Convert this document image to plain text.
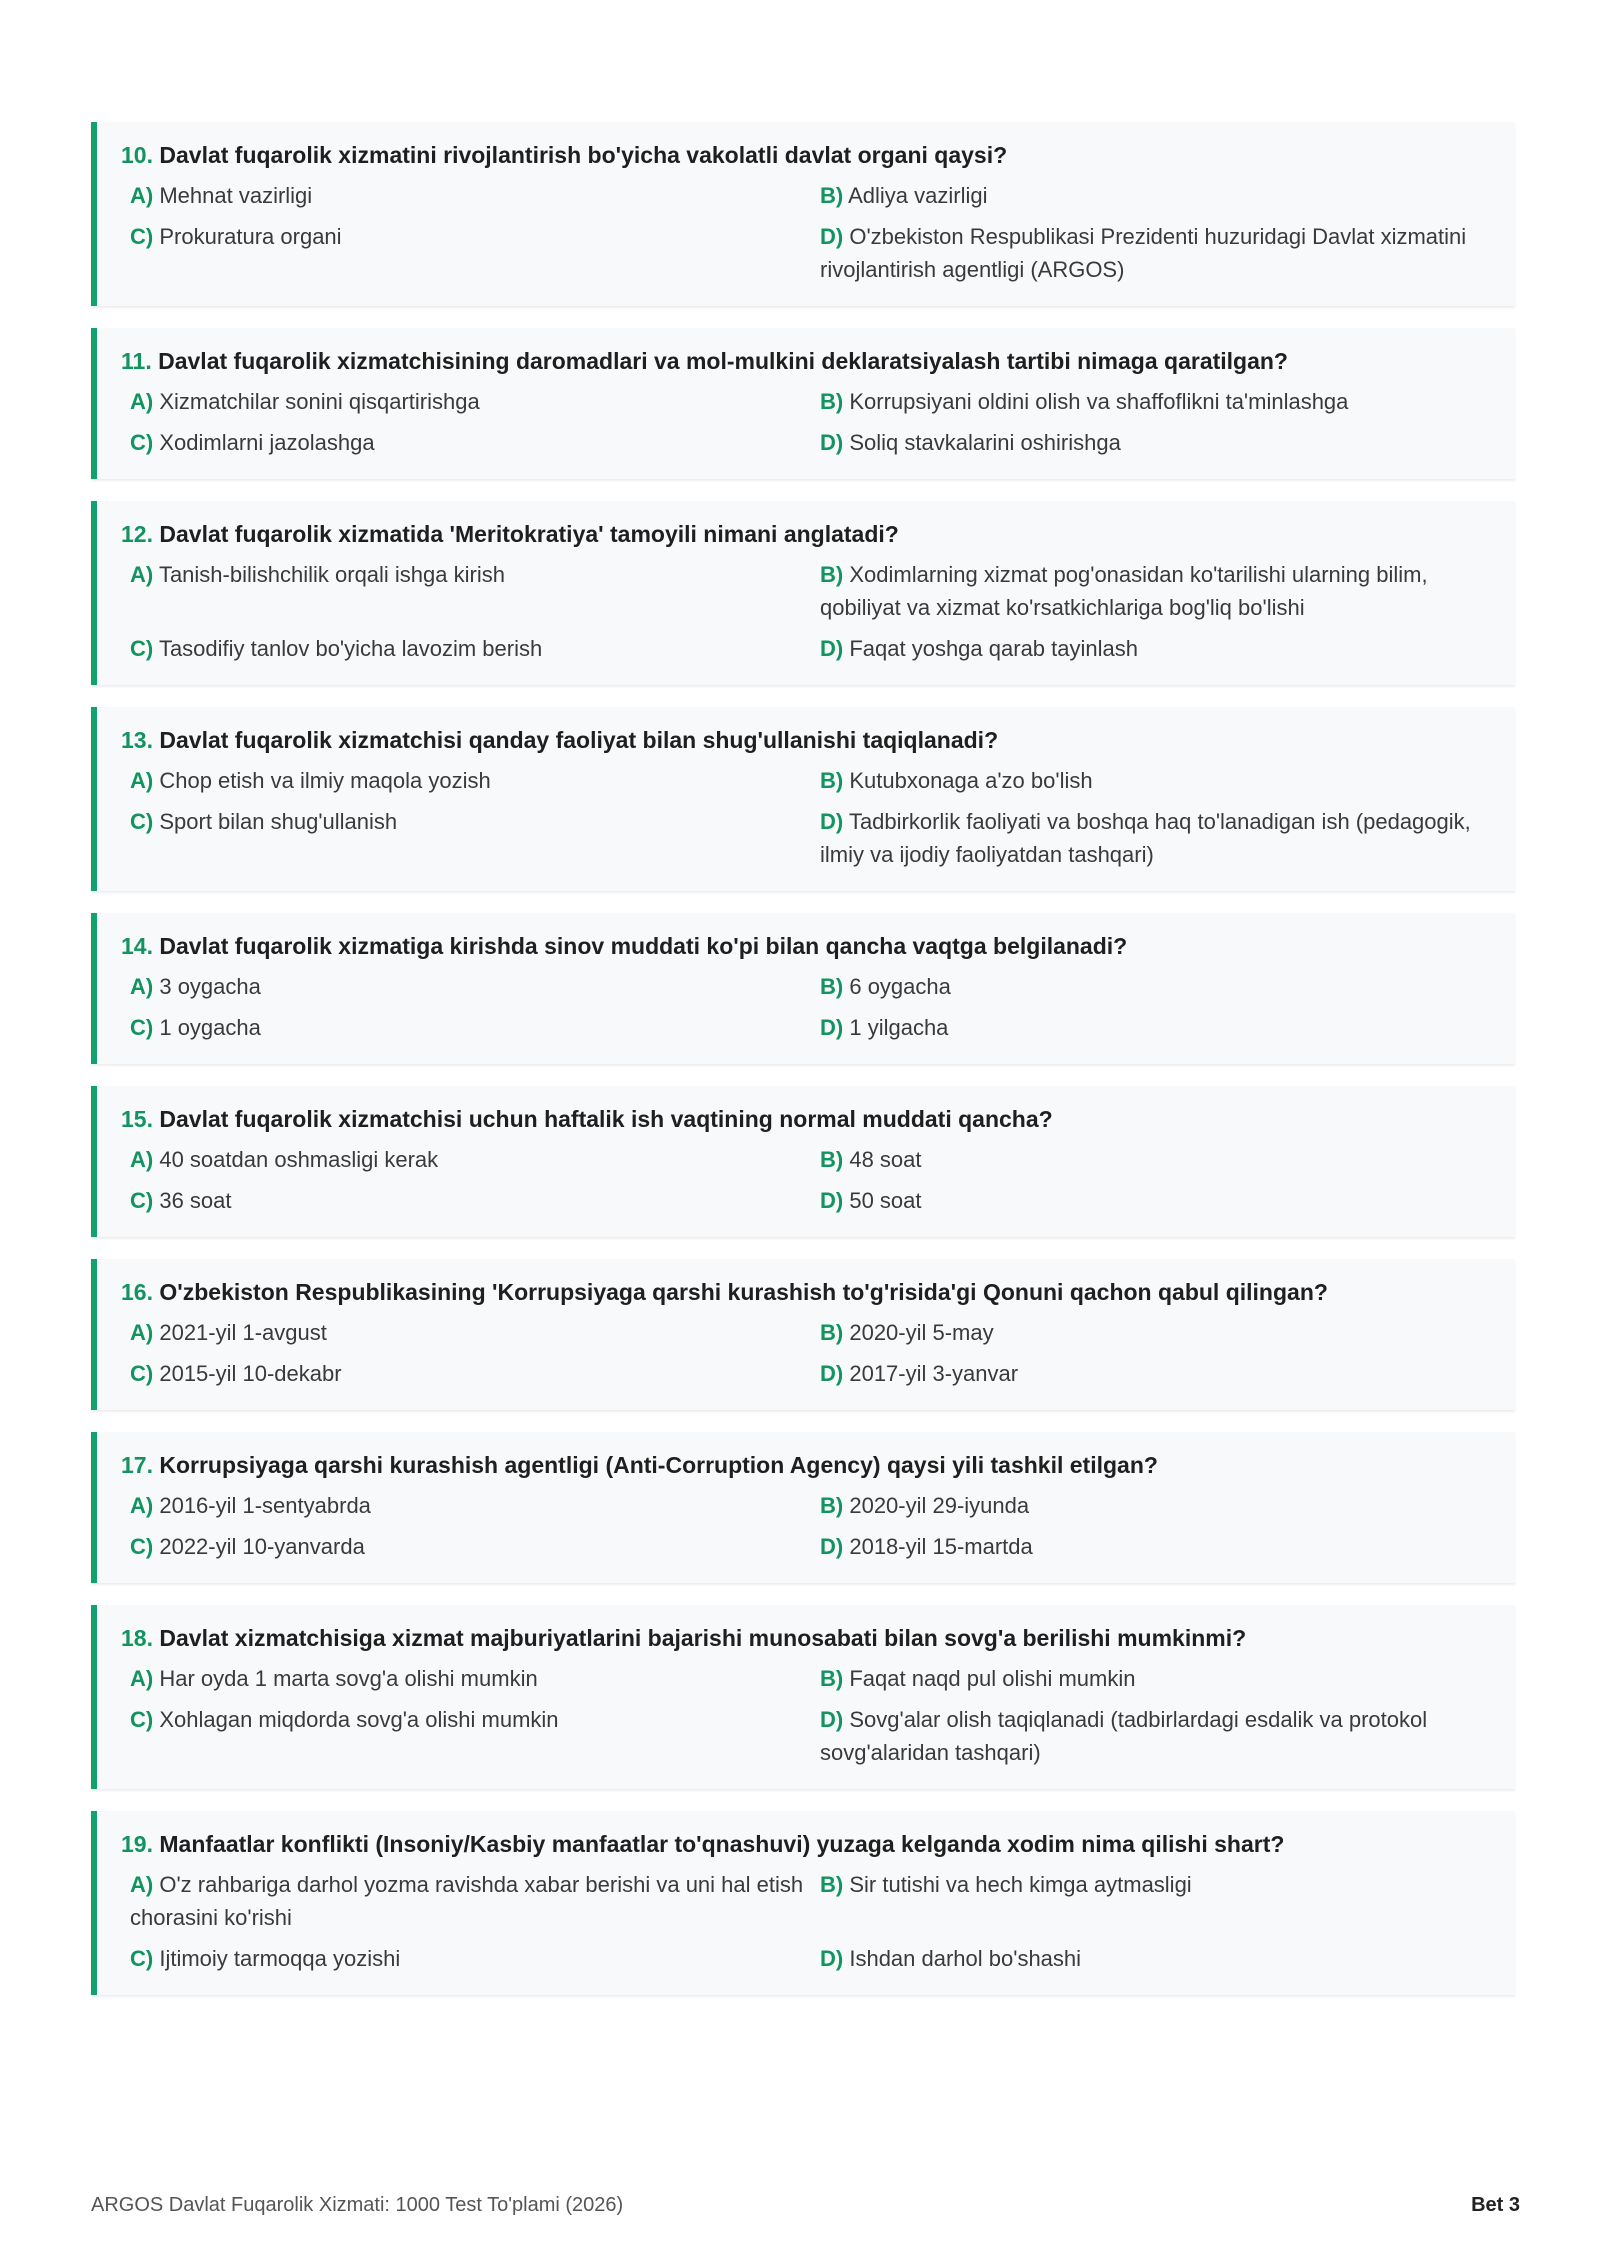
10. Davlat fuqarolik xizmatini rivojlantirish bo'yicha vakolatli davlat organi qaysi?
A) Mehnat vazirligi	B) Adliya vazirligi
C) Prokuratura organi	D) O'zbekiston Respublikasi Prezidenti huzuridagi Davlat xizmatini rivojlantirish agentligi (ARGOS)
11. Davlat fuqarolik xizmatchisining daromadlari va mol-mulkini deklaratsiyalash tartibi nimaga qaratilgan?
A) Xizmatchilar sonini qisqartirishga	B) Korrupsiyani oldini olish va shaffoflikni ta'minlashga
C) Xodimlarni jazolashga	D) Soliq stavkalarini oshirishga
12. Davlat fuqarolik xizmatida 'Meritokratiya' tamoyili nimani anglatadi?
A) Tanish-bilishchilik orqali ishga kirish	B) Xodimlarning xizmat pog'onasidan ko'tarilishi ularning bilim, qobiliyat va xizmat ko'rsatkichlariga bog'liq bo'lishi
C) Tasodifiy tanlov bo'yicha lavozim berish	D) Faqat yoshga qarab tayinlash
13. Davlat fuqarolik xizmatchisi qanday faoliyat bilan shug'ullanishi taqiqlanadi?
A) Chop etish va ilmiy maqola yozish	B) Kutubxonaga a'zo bo'lish
C) Sport bilan shug'ullanish	D) Tadbirkorlik faoliyati va boshqa haq to'lanadigan ish (pedagogik, ilmiy va ijodiy faoliyatdan tashqari)
14. Davlat fuqarolik xizmatiga kirishda sinov muddati ko'pi bilan qancha vaqtga belgilanadi?
A) 3 oygacha	B) 6 oygacha
C) 1 oygacha	D) 1 yilgacha
15. Davlat fuqarolik xizmatchisi uchun haftalik ish vaqtining normal muddati qancha?
A) 40 soatdan oshmasligi kerak	B) 48 soat
C) 36 soat	D) 50 soat
16. O'zbekiston Respublikasining 'Korrupsiyaga qarshi kurashish to'g'risida'gi Qonuni qachon qabul qilingan?
A) 2021-yil 1-avgust	B) 2020-yil 5-may
C) 2015-yil 10-dekabr	D) 2017-yil 3-yanvar
17. Korrupsiyaga qarshi kurashish agentligi (Anti-Corruption Agency) qaysi yili tashkil etilgan?
A) 2016-yil 1-sentyabrda	B) 2020-yil 29-iyunda
C) 2022-yil 10-yanvarda	D) 2018-yil 15-martda
18. Davlat xizmatchisiga xizmat majburiyatlarini bajarishi munosabati bilan sovg'a berilishi mumkinmi?
A) Har oyda 1 marta sovg'a olishi mumkin	B) Faqat naqd pul olishi mumkin
C) Xohlagan miqdorda sovg'a olishi mumkin	D) Sovg'alar olish taqiqlanadi (tadbirlardagi esdalik va protokol sovg'alaridan tashqari)
19. Manfaatlar konflikti (Insoniy/Kasbiy manfaatlar to'qnashuvi) yuzaga kelganda xodim nima qilishi shart?
A) O'z rahbariga darhol yozma ravishda xabar berishi va uni hal etish chorasini ko'rishi
B) Sir tutishi va hech kimga aytmasligi
C) Ijtimoiy tarmoqqa yozishi	D) Ishdan darhol bo'shashi
ARGOS Davlat Fuqarolik Xizmati: 1000 Test To'plami (2026)	Bet 3
